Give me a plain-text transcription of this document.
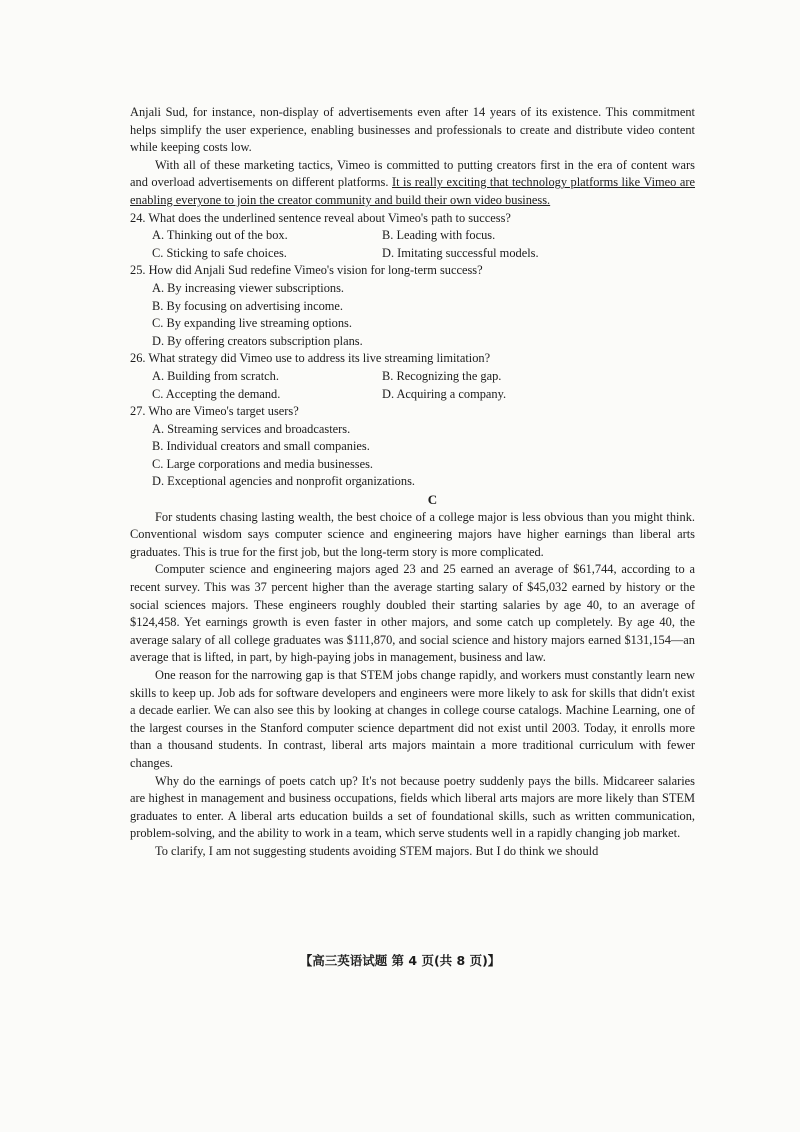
Anjali Sud, for instance, non-display of advertisements even after 14 years of its existence. This commitment helps simplify the user experience, enabling businesses and professionals to create and distribute video content while keeping costs low.

With all of these marketing tactics, Vimeo is committed to putting creators first in the era of content wars and overload advertisements on different platforms. It is really exciting that technology platforms like Vimeo are enabling everyone to join the creator community and build their own video business.

24. What does the underlined sentence reveal about Vimeo's path to success?
A. Thinking out of the box.	B. Leading with focus.
C. Sticking to safe choices.	D. Imitating successful models.
25. How did Anjali Sud redefine Vimeo's vision for long-term success?
A. By increasing viewer subscriptions.
B. By focusing on advertising income.
C. By expanding live streaming options.
D. By offering creators subscription plans.
26. What strategy did Vimeo use to address its live streaming limitation?
A. Building from scratch.	B. Recognizing the gap.
C. Accepting the demand.	D. Acquiring a company.
27. Who are Vimeo's target users?
A. Streaming services and broadcasters.
B. Individual creators and small companies.
C. Large corporations and media businesses.
D. Exceptional agencies and nonprofit organizations.
C

For students chasing lasting wealth, the best choice of a college major is less obvious than you might think. Conventional wisdom says computer science and engineering majors have higher earnings than liberal arts graduates. This is true for the first job, but the long-term story is more complicated.

Computer science and engineering majors aged 23 and 25 earned an average of $61,744, according to a recent survey. This was 37 percent higher than the average starting salary of $45,032 earned by history or the social sciences majors. These engineers roughly doubled their starting salaries by age 40, to an average of $124,458. Yet earnings growth is even faster in other majors, and some catch up completely. By age 40, the average salary of all college graduates was $111,870, and social science and history majors earned $131,154—an average that is lifted, in part, by high-paying jobs in management, business and law.

One reason for the narrowing gap is that STEM jobs change rapidly, and workers must constantly learn new skills to keep up. Job ads for software developers and engineers were more likely to ask for skills that didn't exist a decade earlier. We can also see this by looking at changes in college course catalogs. Machine Learning, one of the largest courses in the Stanford computer science department did not exist until 2003. Today, it enrolls more than a thousand students. In contrast, liberal arts majors maintain a more traditional curriculum with fewer changes.

Why do the earnings of poets catch up? It's not because poetry suddenly pays the bills. Midcareer salaries are highest in management and business occupations, fields which liberal arts majors are more likely than STEM graduates to enter. A liberal arts education builds a set of foundational skills, such as written communication, problem-solving, and the ability to work in a team, which serve students well in a rapidly changing job market.

To clarify, I am not suggesting students avoiding STEM majors. But I do think we should

【高三英语试题 第 4 页(共 8 页)】
